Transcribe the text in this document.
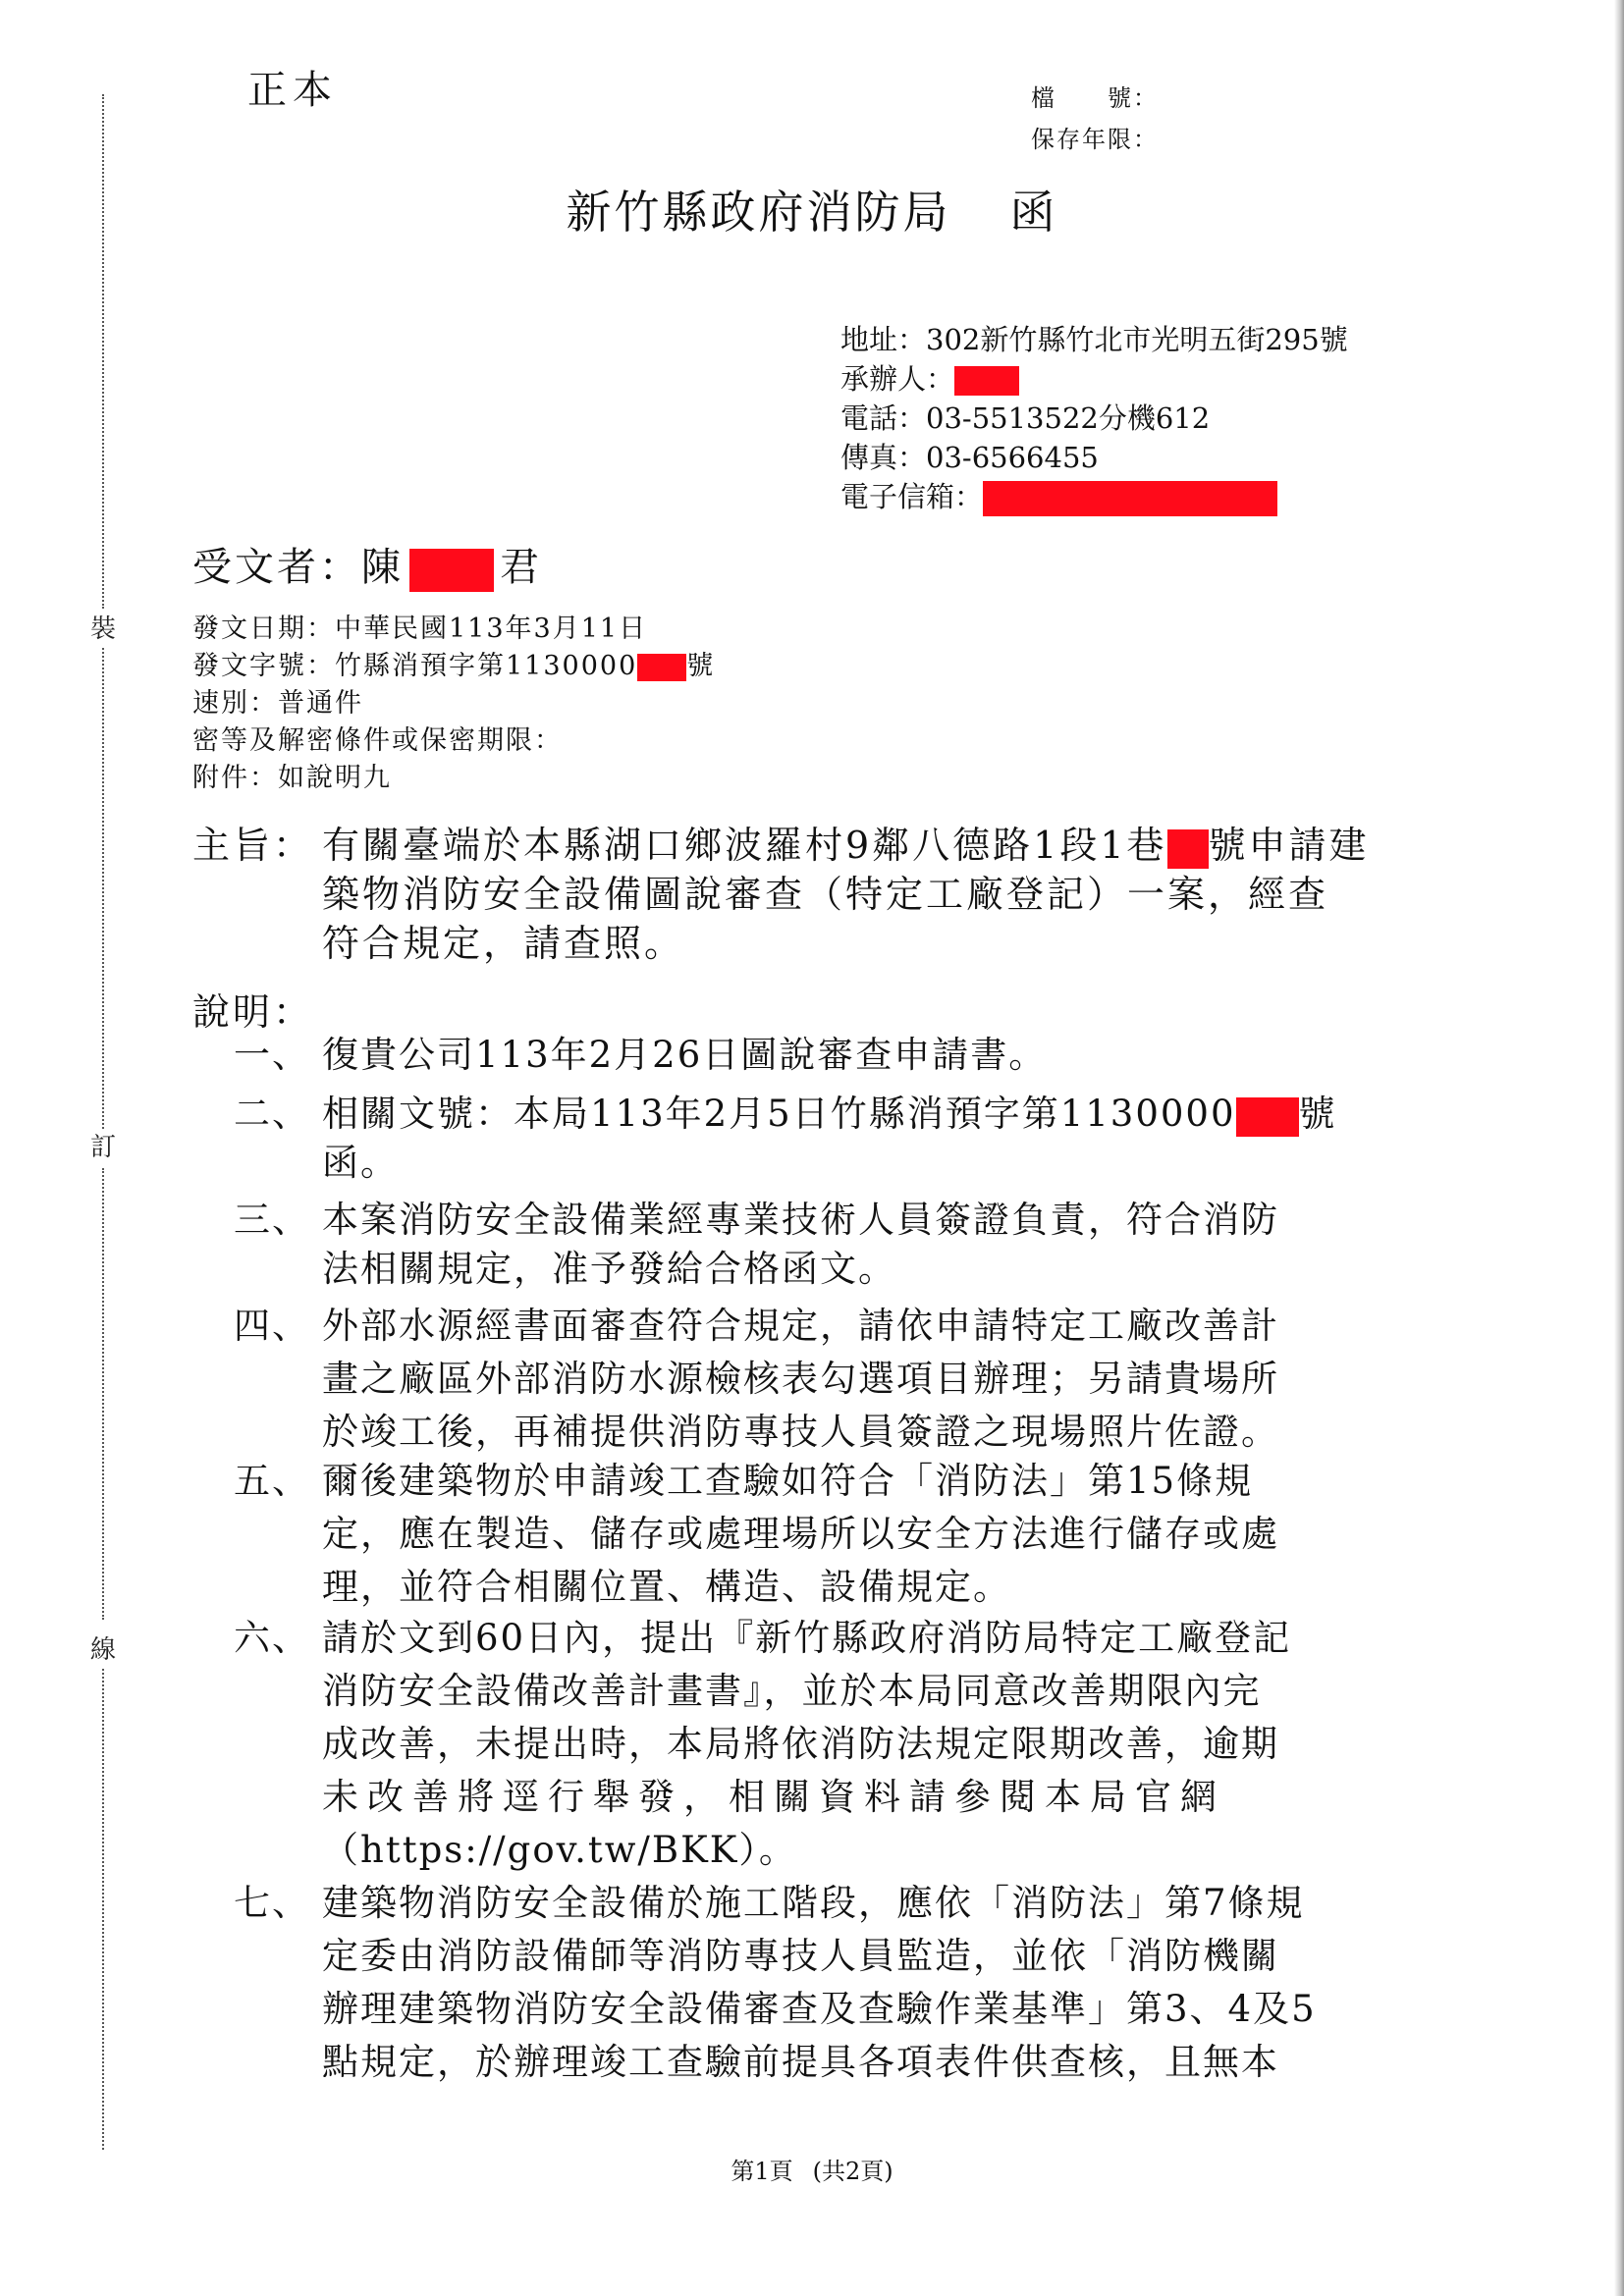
裝
訂
線
正本	檔　　號：
保存年限：
新竹縣政府消防局 函
地址：302新竹縣竹北市光明五街295號
承辦人：
電話：03-5513522分機612
傳真：03-6566455
電子信箱：
受文者：陳 君
發文日期：中華民國113年3月11日
發文字號：竹縣消預字第1130000 號
速別：普通件
密等及解密條件或保密期限：
附件：如說明九
主旨： 有關臺端於本縣湖口鄉波羅村9鄰八德路1段1巷 號申請建
築物消防安全設備圖說審查（特定工廠登記）一案，經查
符合規定，請查照。
說明：
一、 復貴公司113年2月26日圖說審查申請書。
二、 相關文號：本局113年2月5日竹縣消預字第1130000 號
函。
三、 本案消防安全設備業經專業技術人員簽證負責，符合消防
法相關規定，准予發給合格函文。
四、 外部水源經書面審查符合規定，請依申請特定工廠改善計
畫之廠區外部消防水源檢核表勾選項目辦理；另請貴場所
於竣工後，再補提供消防專技人員簽證之現場照片佐證。
五、 爾後建築物於申請竣工查驗如符合「消防法」第15條規
定，應在製造、儲存或處理場所以安全方法進行儲存或處
理，並符合相關位置、構造、設備規定。
六、 請於文到60日內，提出『新竹縣政府消防局特定工廠登記
消防安全設備改善計畫書』，並於本局同意改善期限內完
成改善，未提出時，本局將依消防法規定限期改善，逾期
未改善將逕行舉發，相關資料請參閱本局官網
（https://gov.tw/BKK）。
七、 建築物消防安全設備於施工階段，應依「消防法」第7條規
定委由消防設備師等消防專技人員監造，並依「消防機關
辦理建築物消防安全設備審查及查驗作業基準」第3、4及5
點規定，於辦理竣工查驗前提具各項表件供查核，且無本
第1頁 (共2頁)
